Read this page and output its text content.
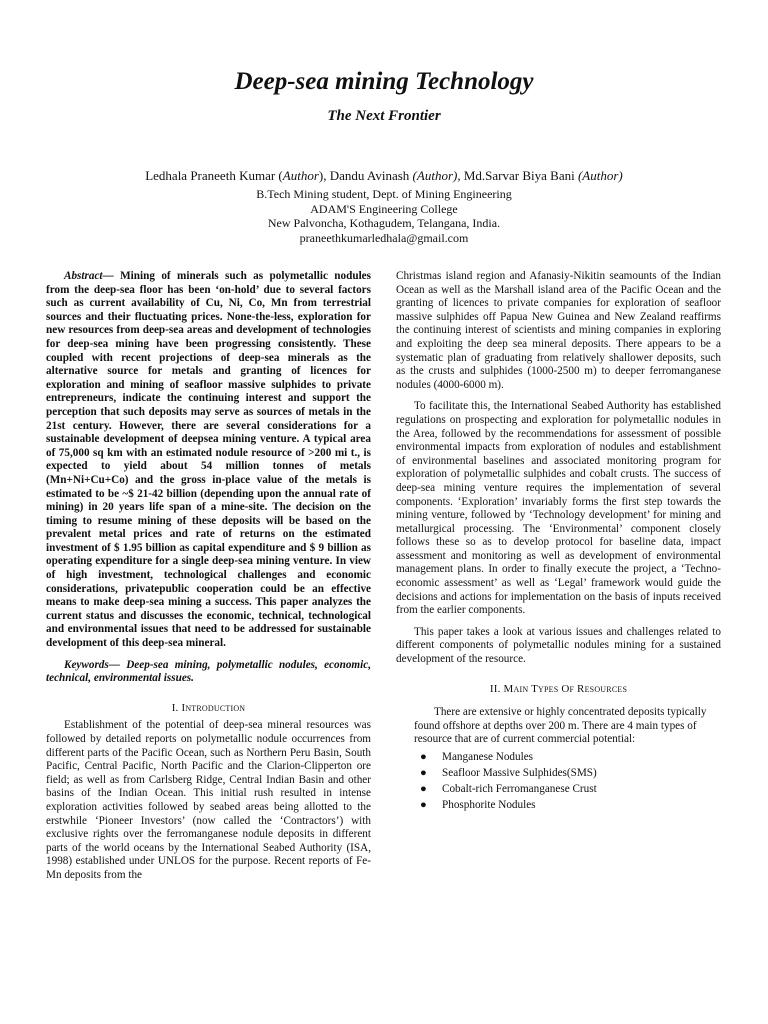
Deep-sea mining Technology
The Next Frontier
Ledhala Praneeth Kumar (Author), Dandu Avinash (Author), Md.Sarvar Biya Bani (Author)
B.Tech Mining student, Dept. of Mining Engineering
ADAM'S Engineering College
New Palvoncha, Kothagudem, Telangana, India.
praneethkumarledhala@gmail.com

Abstract— Mining of minerals such as polymetallic nodules from the deep-sea floor has been ‘on-hold’ due to several factors such as current availability of Cu, Ni, Co, Mn from terrestrial sources and their fluctuating prices. None-the-less, exploration for new resources from deep-sea areas and development of technologies for deep-sea mining have been progressing consistently. These coupled with recent projections of deep-sea minerals as the alternative source for metals and granting of licences for exploration and mining of seafloor massive sulphides to private entrepreneurs, indicate the continuing interest and support the perception that such deposits may serve as sources of metals in the 21st century. However, there are several considerations for a sustainable development of deepsea mining venture. A typical area of 75,000 sq km with an estimated nodule resource of >200 mi t., is expected to yield about 54 million tonnes of metals (Mn+Ni+Cu+Co) and the gross in-place value of the metals is estimated to be ~$ 21-42 billion (depending upon the annual rate of mining) in 20 years life span of a mine-site. The decision on the timing to resume mining of these deposits will be based on the prevalent metal prices and rate of returns on the estimated investment of $ 1.95 billion as capital expenditure and $ 9 billion as operating expenditure for a single deep-sea mining venture. In view of high investment, technological challenges and economic considerations, privatepublic cooperation could be an effective means to make deep-sea mining a success. This paper analyzes the current status and discusses the economic, technical, technological and environmental issues that need to be addressed for sustainable development of this deep-sea mineral.

Keywords— Deep-sea mining, polymetallic nodules, economic, technical, environmental issues.

I. Introduction

Establishment of the potential of deep-sea mineral resources was followed by detailed reports on polymetallic nodule occurrences from different parts of the Pacific Ocean, such as Northern Peru Basin, South Pacific, Central Pacific, North Pacific and the Clarion-Clipperton ore field; as well as from Carlsberg Ridge, Central Indian Basin and other basins of the Indian Ocean. This initial rush resulted in intense exploration activities followed by seabed areas being allotted to the erstwhile ‘Pioneer Investors’ (now called the ‘Contractors’) with exclusive rights over the ferromanganese nodule deposits in different parts of the world oceans by the International Seabed Authority (ISA, 1998) established under UNLOS for the purpose. Recent reports of Fe-Mn deposits from the

Christmas island region and Afanasiy-Nikitin seamounts of the Indian Ocean as well as the Marshall island area of the Pacific Ocean and the granting of licences to private companies for exploration of seafloor massive sulphides off Papua New Guinea and New Zealand reaffirms the continuing interest of scientists and mining companies in exploring and exploiting the deep sea mineral deposits. There appears to be a systematic plan of graduating from relatively shallower deposits, such as the crusts and sulphides (1000-2500 m) to deeper ferromanganese nodules (4000-6000 m).

To facilitate this, the International Seabed Authority has established regulations on prospecting and exploration for polymetallic nodules in the Area, followed by the recommendations for assessment of possible environmental impacts from exploration of nodules and establishment of environmental baselines and associated monitoring program for exploration of polymetallic sulphides and cobalt crusts. The success of deep-sea mining venture requires the implementation of several components. ‘Exploration’ invariably forms the first step towards the mining venture, followed by ‘Technology development’ for mining and metallurgical processing. The ‘Environmental’ component closely follows these so as to develop protocol for baseline data, impact assessment and monitoring as well as development of environmental management plans. In order to finally execute the project, a ‘Techno-economic assessment’ as well as ‘Legal’ framework would guide the decisions and actions for implementation on the basis of inputs received from the earlier components.

This paper takes a look at various issues and challenges related to different components of polymetallic nodules mining for a sustained development of the resource.

II. Main Types Of Resources

There are extensive or highly concentrated deposits typically found offshore at depths over 200 m. There are 4 main types of resource that are of current commercial potential:

● Manganese Nodules
● Seafloor Massive Sulphides(SMS)
● Cobalt-rich Ferromanganese Crust
● Phosphorite Nodules
